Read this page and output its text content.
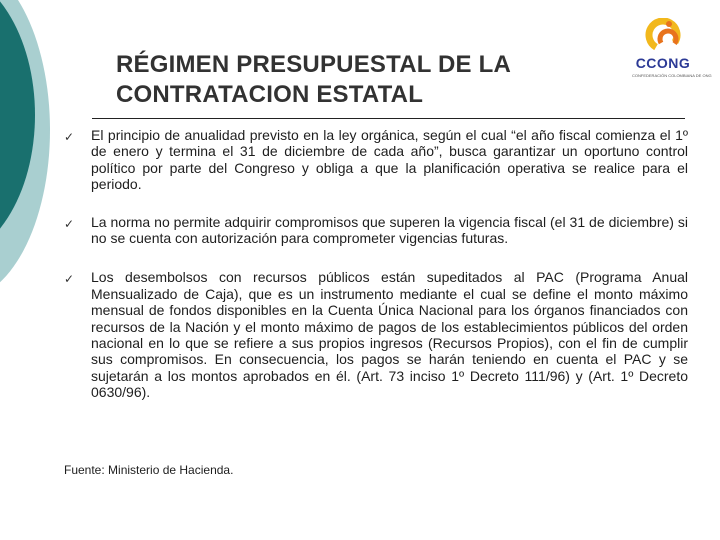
RÉGIMEN PRESUPUESTAL DE LA
CONTRATACION ESTATAL
CCONG
CONFEDERACIÓN COLOMBIANA DE ONG
✓ El principio de anualidad previsto en la ley orgánica, según el cual “el año fiscal comienza el 1º de enero y termina el 31 de diciembre de cada año”, busca garantizar un oportuno control político por parte del Congreso y obliga a que la planificación operativa se realice para el periodo.
✓ La norma no permite adquirir compromisos que superen la vigencia fiscal (el 31 de diciembre) si no se cuenta con autorización para comprometer vigencias futuras.
✓ Los desembolsos con recursos públicos están supeditados al PAC (Programa Anual Mensualizado de Caja), que es un instrumento mediante el cual se define el monto máximo mensual de fondos disponibles en la Cuenta Única Nacional para los órganos financiados con recursos de la Nación y el monto máximo de pagos de los establecimientos públicos del orden nacional en lo que se refiere a sus propios ingresos (Recursos Propios), con el fin de cumplir sus compromisos. En consecuencia, los pagos se harán teniendo en cuenta el PAC y se sujetarán a los montos aprobados en él. (Art. 73 inciso 1º Decreto 111/96) y (Art. 1º Decreto 0630/96).
Fuente: Ministerio de Hacienda.
